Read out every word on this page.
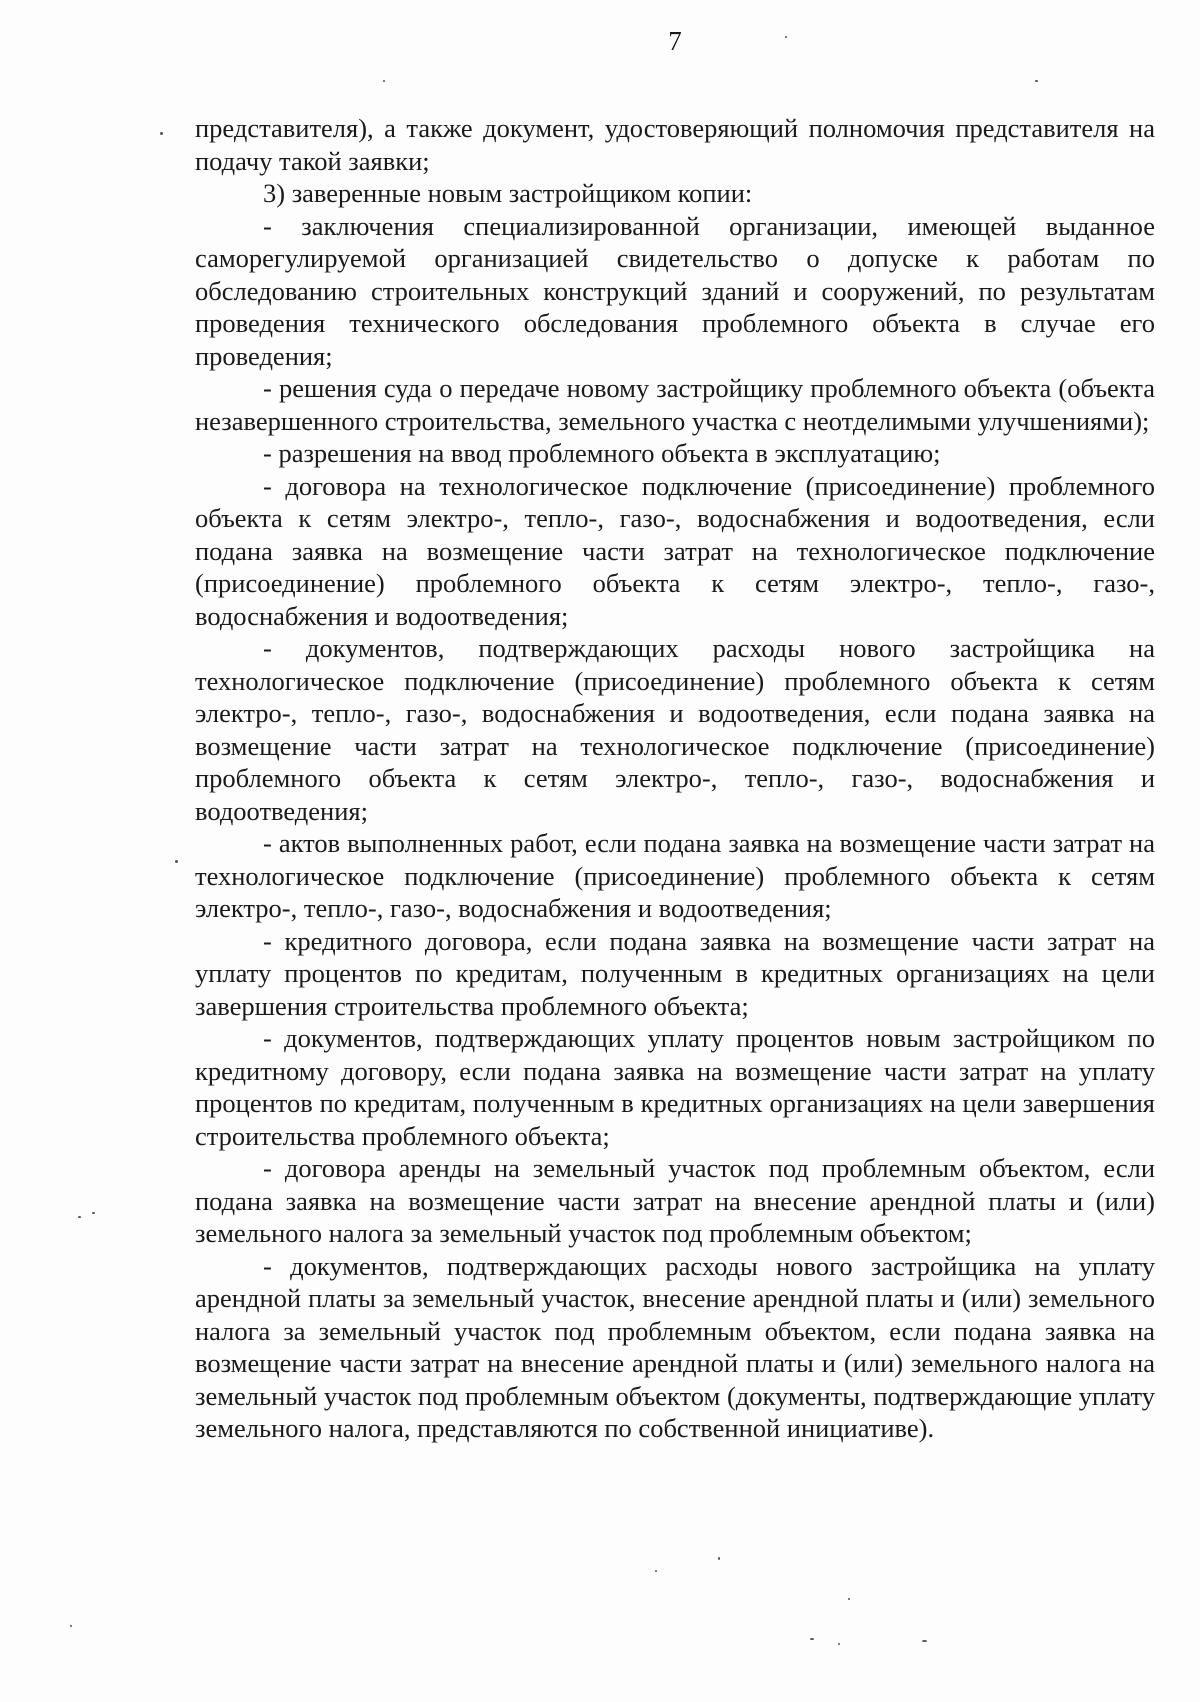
7

представителя), а также документ, удостоверяющий полномочия представителя на подачу такой заявки;

3) заверенные новым застройщиком копии:

- заключения специализированной организации, имеющей выданное саморегулируемой организацией свидетельство о допуске к работам по обследованию строительных конструкций зданий и сооружений, по результатам проведения технического обследования проблемного объекта в случае его проведения;

- решения суда о передаче новому застройщику проблемного объекта (объекта незавершенного строительства, земельного участка с неотделимыми улучшениями);

- разрешения на ввод проблемного объекта в эксплуатацию;

- договора на технологическое подключение (присоединение) проблемного объекта к сетям электро-, тепло-, газо-, водоснабжения и водоотведения, если подана заявка на возмещение части затрат на технологическое подключение (присоединение) проблемного объекта к сетям электро-, тепло-, газо-, водоснабжения и водоотведения;

- документов, подтверждающих расходы нового застройщика на технологическое подключение (присоединение) проблемного объекта к сетям электро-, тепло-, газо-, водоснабжения и водоотведения, если подана заявка на возмещение части затрат на технологическое подключение (присоединение) проблемного объекта к сетям электро-, тепло-, газо-, водоснабжения и водоотведения;

- актов выполненных работ, если подана заявка на возмещение части затрат на технологическое подключение (присоединение) проблемного объекта к сетям электро-, тепло-, газо-, водоснабжения и водоотведения;

- кредитного договора, если подана заявка на возмещение части затрат на уплату процентов по кредитам, полученным в кредитных организациях на цели завершения строительства проблемного объекта;

- документов, подтверждающих уплату процентов новым застройщиком по кредитному договору, если подана заявка на возмещение части затрат на уплату процентов по кредитам, полученным в кредитных организациях на цели завершения строительства проблемного объекта;

- договора аренды на земельный участок под проблемным объектом, если подана заявка на возмещение части затрат на внесение арендной платы и (или) земельного налога за земельный участок под проблемным объектом;

- документов, подтверждающих расходы нового застройщика на уплату арендной платы за земельный участок, внесение арендной платы и (или) земельного налога за земельный участок под проблемным объектом, если подана заявка на возмещение части затрат на внесение арендной платы и (или) земельного налога на земельный участок под проблемным объектом (документы, подтверждающие уплату земельного налога, представляются по собственной инициативе).
